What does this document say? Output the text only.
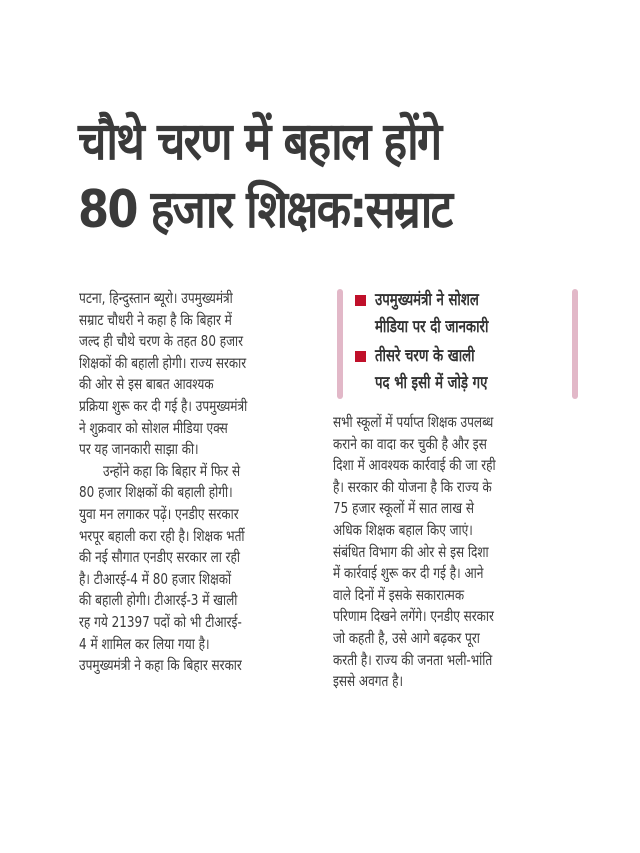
चौथे चरण में बहाल होंगे
80 हजार शिक्षक:सम्राट
पटना, हिन्दुस्तान ब्यूरो। उपमुख्यमंत्री
सम्राट चौधरी ने कहा है कि बिहार में
जल्द ही चौथे चरण के तहत 80 हजार
शिक्षकों की बहाली होगी। राज्य सरकार
की ओर से इस बाबत आवश्यक
प्रक्रिया शुरू कर दी गई है। उपमुख्यमंत्री
ने शुक्रवार को सोशल मीडिया एक्स
पर यह जानकारी साझा की।
उन्होंने कहा कि बिहार में फिर से
80 हजार शिक्षकों की बहाली होगी।
युवा मन लगाकर पढ़ें। एनडीए सरकार
भरपूर बहाली करा रही है। शिक्षक भर्ती
की नई सौगात एनडीए सरकार ला रही
है। टीआरई-4 में 80 हजार शिक्षकों
की बहाली होगी। टीआरई-3 में खाली
रह गये 21397 पदों को भी टीआरई-
4 में शामिल कर लिया गया है।
उपमुख्यमंत्री ने कहा कि बिहार सरकार
उपमुख्यमंत्री ने सोशल
मीडिया पर दी जानकारी
तीसरे चरण के खाली
पद भी इसी में जोड़े गए
सभी स्कूलों में पर्याप्त शिक्षक उपलब्ध
कराने का वादा कर चुकी है और इस
दिशा में आवश्यक कार्रवाई की जा रही
है। सरकार की योजना है कि राज्य के
75 हजार स्कूलों में सात लाख से
अधिक शिक्षक बहाल किए जाएं।
संबंधित विभाग की ओर से इस दिशा
में कार्रवाई शुरू कर दी गई है। आने
वाले दिनों में इसके सकारात्मक
परिणाम दिखने लगेंगे। एनडीए सरकार
जो कहती है, उसे आगे बढ़कर पूरा
करती है। राज्य की जनता भली-भांति
इससे अवगत है।
